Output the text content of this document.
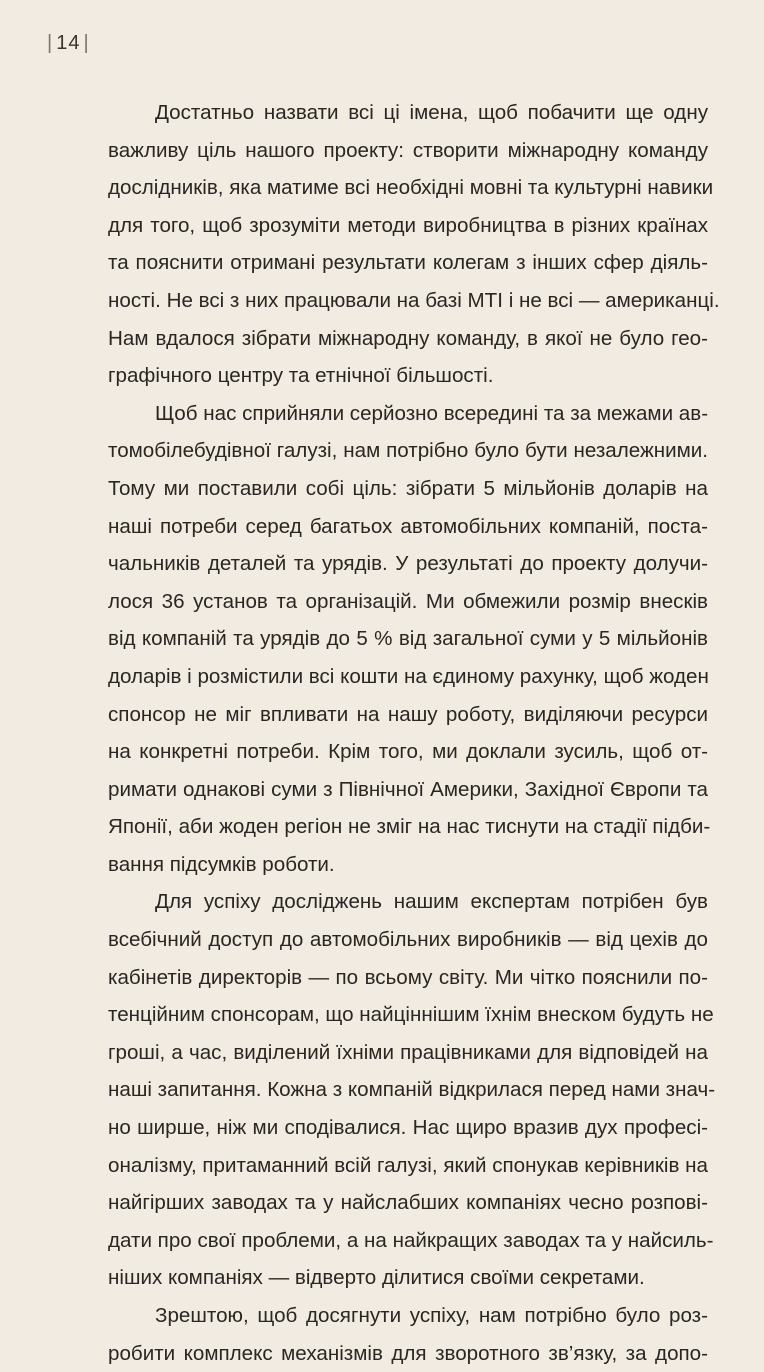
| 14 |
Достатньо назвати всі ці імена, щоб побачити ще одну
важливу ціль нашого проекту: створити міжнародну команду
дослідників, яка матиме всі необхідні мовні та культурні навики
для того, щоб зрозуміти методи виробництва в різних країнах
та пояснити отримані результати колегам з інших сфер діяль-
ності. Не всі з них працювали на базі МТІ і не всі — американці.
Нам вдалося зібрати міжнародну команду, в якої не було гео-
графічного центру та етнічної більшості.
Щоб нас сприйняли серйозно всередині та за межами ав-
томобілебудівної галузі, нам потрібно було бути незалежними.
Тому ми поставили собі ціль: зібрати 5 мільйонів доларів на
наші потреби серед багатьох автомобільних компаній, поста-
чальників деталей та урядів. У результаті до проекту долучи-
лося 36 установ та організацій. Ми обмежили розмір внесків
від компаній та урядів до 5 % від загальної суми у 5 мільйонів
доларів і розмістили всі кошти на єдиному рахунку, щоб жоден
спонсор не міг впливати на нашу роботу, виділяючи ресурси
на конкретні потреби. Крім того, ми доклали зусиль, щоб от-
римати однакові суми з Північної Америки, Західної Європи та
Японії, аби жоден регіон не зміг на нас тиснути на стадії підби-
вання підсумків роботи.
Для успіху досліджень нашим експертам потрібен був
всебічний доступ до автомобільних виробників — від цехів до
кабінетів директорів — по всьому світу. Ми чітко пояснили по-
тенційним спонсорам, що найціннішим їхнім внеском будуть не
гроші, а час, виділений їхніми працівниками для відповідей на
наші запитання. Кожна з компаній відкрилася перед нами знач-
но ширше, ніж ми сподівалися. Нас щиро вразив дух професі-
оналізму, притаманний всій галузі, який спонукав керівників на
найгірших заводах та у найслабших компаніях чесно розпові-
дати про свої проблеми, а на найкращих заводах та у найсиль-
ніших компаніях — відверто ділитися своїми секретами.
Зрештою, щоб досягнути успіху, нам потрібно було роз-
робити комплекс механізмів для зворотного зв’язку, за допо-
